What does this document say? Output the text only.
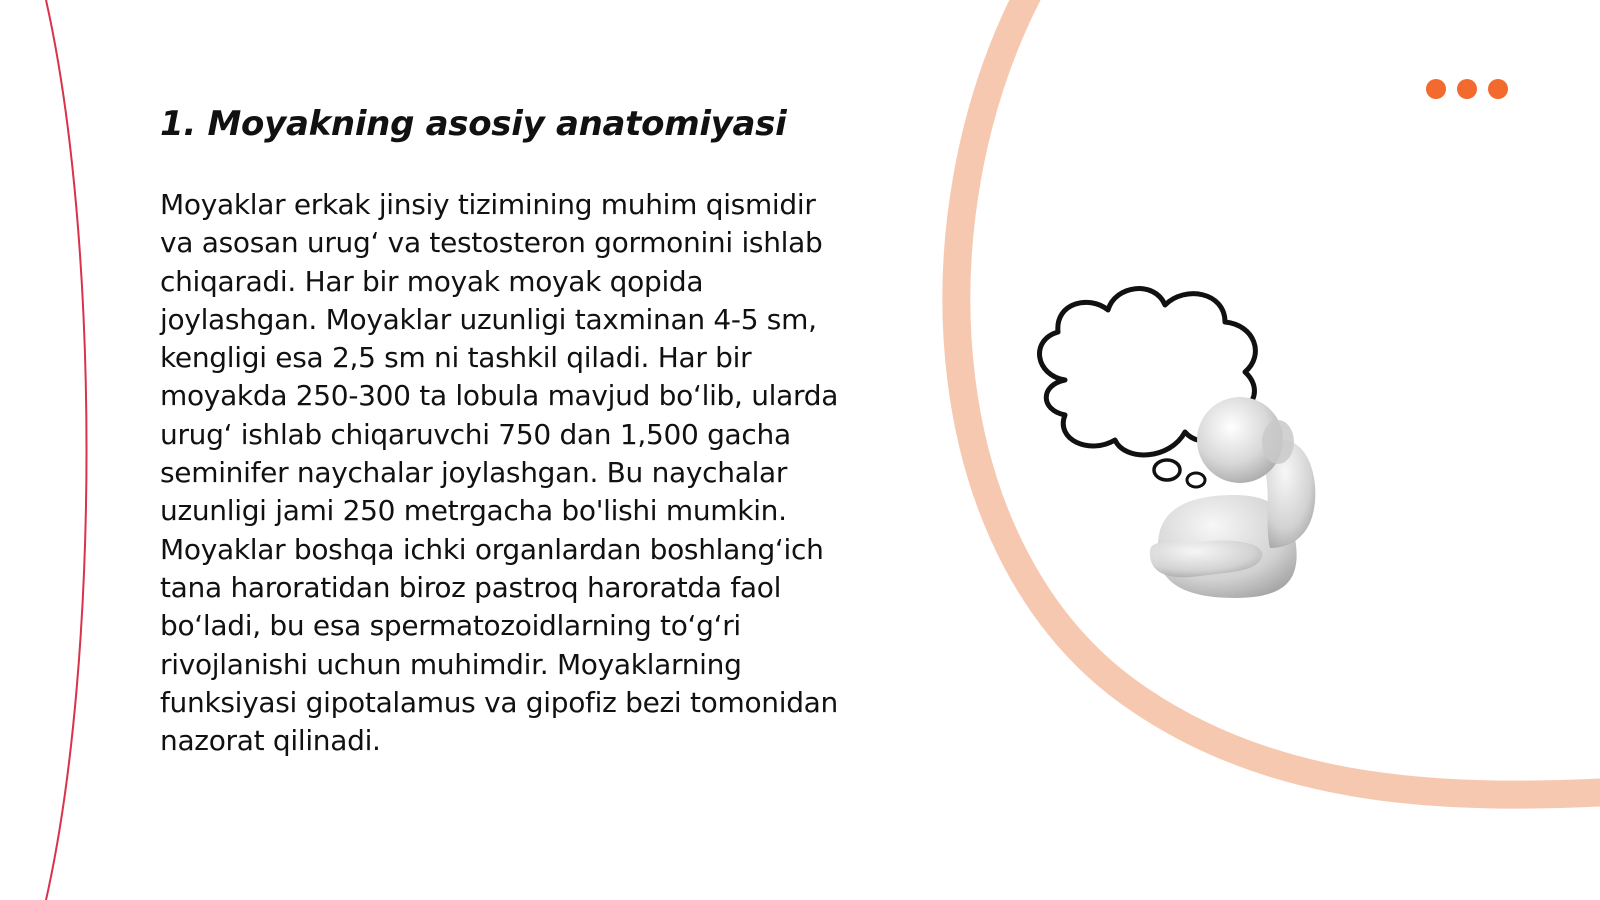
1. Moyakning asosiy anatomiyasi

Moyaklar erkak jinsiy tizimining muhim qismidir va asosan urug‘ va testosteron gormonini ishlab chiqaradi. Har bir moyak moyak qopida joylashgan. Moyaklar uzunligi taxminan 4-5 sm, kengligi esa 2,5 sm ni tashkil qiladi. Har bir moyakda 250-300 ta lobula mavjud bo‘lib, ularda urug‘ ishlab chiqaruvchi 750 dan 1,500 gacha seminifer naychalar joylashgan. Bu naychalar uzunligi jami 250 metrgacha bo'lishi mumkin. Moyaklar boshqa ichki organlardan boshlang‘ich tana haroratidan biroz pastroq haroratda faol bo‘ladi, bu esa spermatozoidlarning to‘g‘ri rivojlanishi uchun muhimdir. Moyaklarning funksiyasi gipotalamus va gipofiz bezi tomonidan nazorat qilinadi.
